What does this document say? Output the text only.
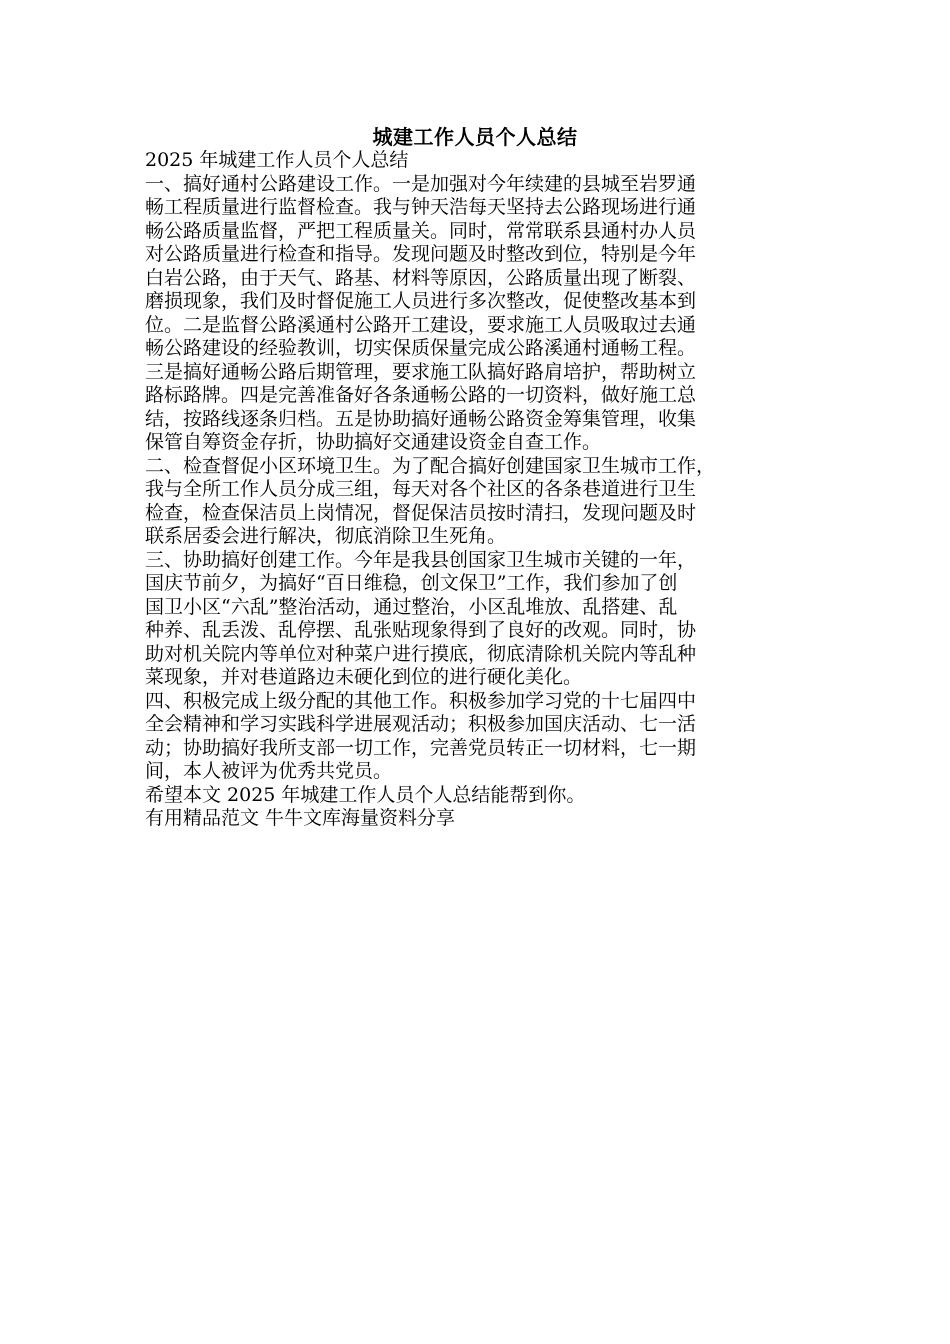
城建工作人员个人总结
2025 年城建工作人员个人总结
一、搞好通村公路建设工作。一是加强对今年续建的县城至岩罗通
畅工程质量进行监督检查。我与钟天浩每天坚持去公路现场进行通
畅公路质量监督，严把工程质量关。同时，常常联系县通村办人员
对公路质量进行检查和指导。发现问题及时整改到位，特别是今年
白岩公路，由于天气、路基、材料等原因，公路质量出现了断裂、
磨损现象，我们及时督促施工人员进行多次整改，促使整改基本到
位。二是监督公路溪通村公路开工建设，要求施工人员吸取过去通
畅公路建设的经验教训，切实保质保量完成公路溪通村通畅工程。
三是搞好通畅公路后期管理，要求施工队搞好路肩培护，帮助树立
路标路牌。四是完善准备好各条通畅公路的一切资料，做好施工总
结，按路线逐条归档。五是协助搞好通畅公路资金筹集管理，收集
保管自筹资金存折，协助搞好交通建设资金自查工作。
二、检查督促小区环境卫生。为了配合搞好创建国家卫生城市工作，
我与全所工作人员分成三组，每天对各个社区的各条巷道进行卫生
检查，检查保洁员上岗情况，督促保洁员按时清扫，发现问题及时
联系居委会进行解决，彻底消除卫生死角。
三、协助搞好创建工作。今年是我县创国家卫生城市关键的一年，
国庆节前夕，为搞好“百日维稳，创文保卫”工作，我们参加了创
国卫小区“六乱”整治活动，通过整治，小区乱堆放、乱搭建、乱
种养、乱丢泼、乱停摆、乱张贴现象得到了良好的改观。同时，协
助对机关院内等单位对种菜户进行摸底，彻底清除机关院内等乱种
菜现象，并对巷道路边未硬化到位的进行硬化美化。
四、积极完成上级分配的其他工作。积极参加学习党的十七届四中
全会精神和学习实践科学进展观活动；积极参加国庆活动、七一活
动；协助搞好我所支部一切工作，完善党员转正一切材料，七一期
间，本人被评为优秀共党员。
希望本文 2025 年城建工作人员个人总结能帮到你。
有用精品范文 牛牛文库海量资料分享
